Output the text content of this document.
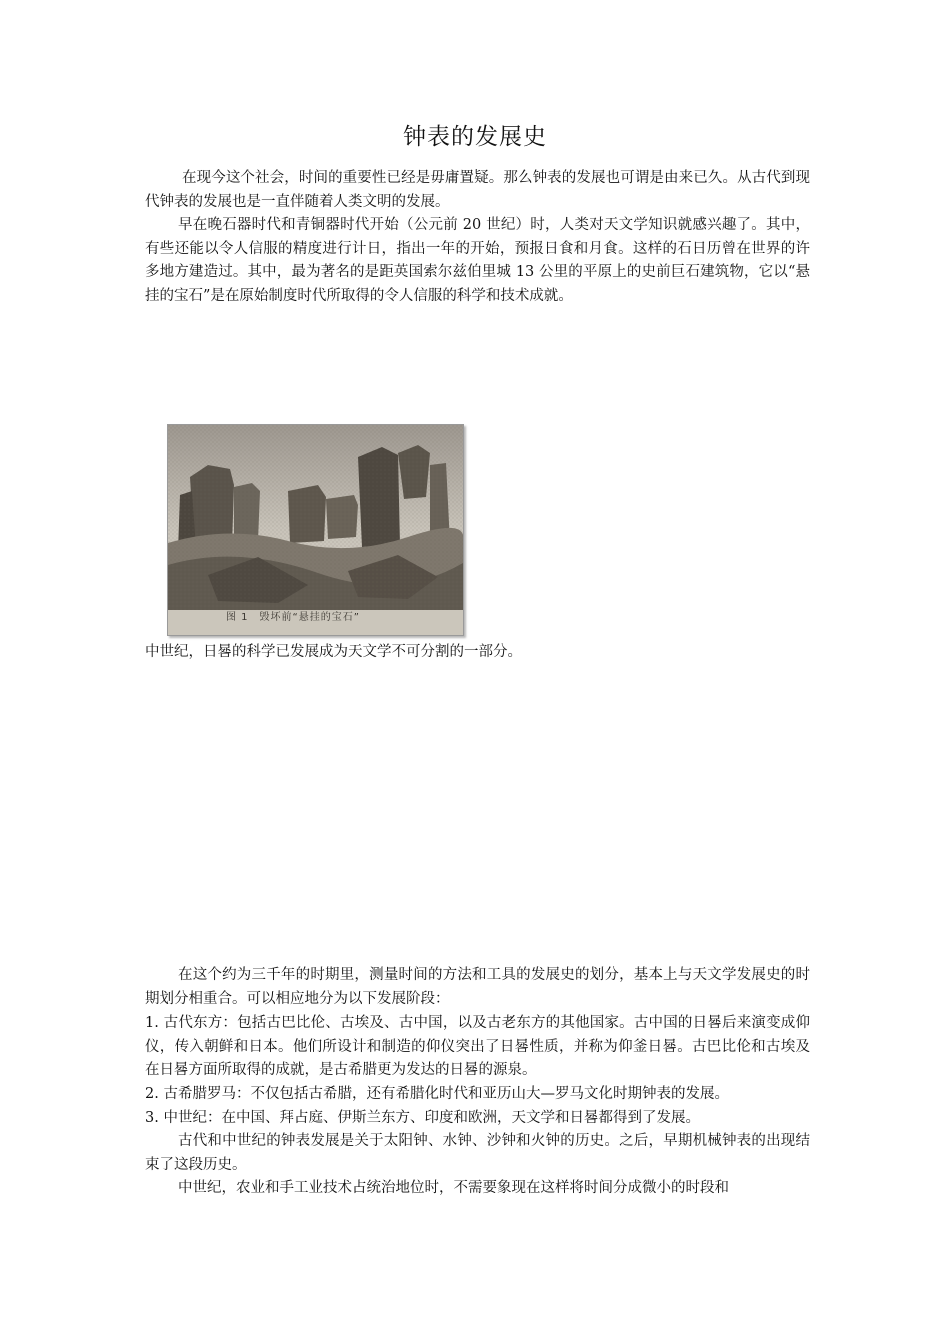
钟表的发展史
在现今这个社会，时间的重要性已经是毋庸置疑。那么钟表的发展也可谓是由来已久。从古代到现代钟表的发展也是一直伴随着人类文明的发展。
早在晚石器时代和青铜器时代开始（公元前 20 世纪）时，人类对天文学知识就感兴趣了。其中，有些还能以令人信服的精度进行计日，指出一年的开始，预报日食和月食。这样的石日历曾在世界的许多地方建造过。其中，最为著名的是距英国索尔兹伯里城 13 公里的平原上的史前巨石建筑物，它以“悬挂的宝石”是在原始制度时代所取得的令人信服的科学和技术成就。
图 1　毁坏前“悬挂的宝石”
中世纪，日晷的科学已发展成为天文学不可分割的一部分。
在这个约为三千年的时期里，测量时间的方法和工具的发展史的划分，基本上与天文学发展史的时期划分相重合。可以相应地分为以下发展阶段：
1. 古代东方：包括古巴比伦、古埃及、古中国，以及古老东方的其他国家。古中国的日晷后来演变成仰仪，传入朝鲜和日本。他们所设计和制造的仰仪突出了日晷性质，并称为仰釜日晷。古巴比伦和古埃及在日晷方面所取得的成就，是古希腊更为发达的日晷的源泉。
2. 古希腊罗马：不仅包括古希腊，还有希腊化时代和亚历山大—罗马文化时期钟表的发展。
3. 中世纪：在中国、拜占庭、伊斯兰东方、印度和欧洲，天文学和日晷都得到了发展。
古代和中世纪的钟表发展是关于太阳钟、水钟、沙钟和火钟的历史。之后，早期机械钟表的出现结束了这段历史。
中世纪，农业和手工业技术占统治地位时，不需要象现在这样将时间分成微小的时段和
